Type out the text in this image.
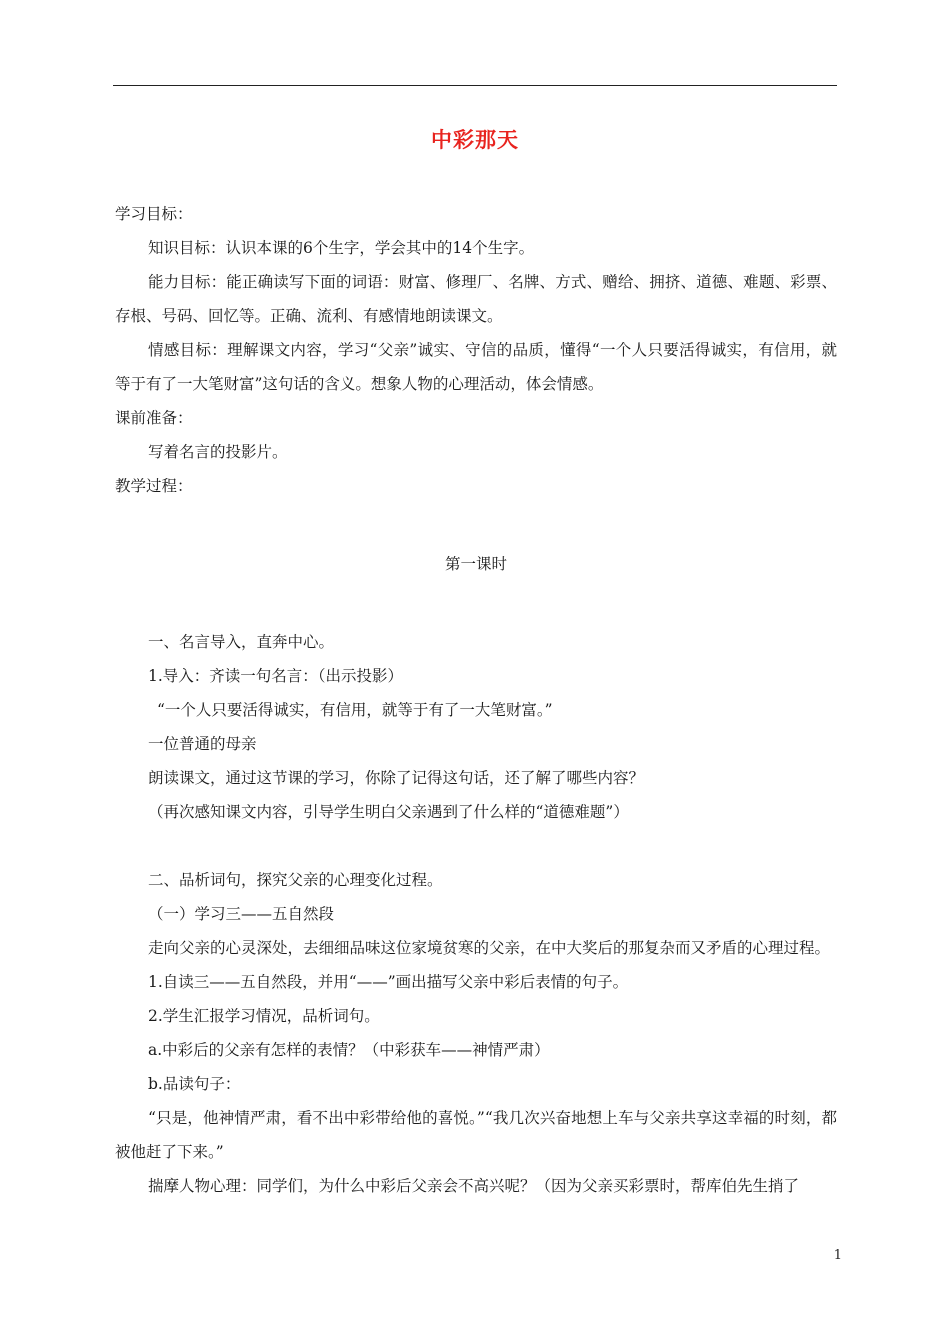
中彩那天

学习目标：

知识目标：认识本课的6个生字，学会其中的14个生字。

能力目标：能正确读写下面的词语：财富、修理厂、名牌、方式、赠给、拥挤、道德、难题、彩票、存根、号码、回忆等。正确、流利、有感情地朗读课文。

情感目标：理解课文内容，学习“父亲”诚实、守信的品质，懂得“一个人只要活得诚实，有信用，就等于有了一大笔财富”这句话的含义。想象人物的心理活动，体会情感。

课前准备：

写着名言的投影片。

教学过程：

第一课时

一、名言导入，直奔中心。

1.导入：齐读一句名言：（出示投影）

“一个人只要活得诚实，有信用，就等于有了一大笔财富。”

一位普通的母亲

朗读课文，通过这节课的学习，你除了记得这句话，还了解了哪些内容？

（再次感知课文内容，引导学生明白父亲遇到了什么样的“道德难题”）

二、品析词句，探究父亲的心理变化过程。

（一）学习三——五自然段

走向父亲的心灵深处，去细细品味这位家境贫寒的父亲，在中大奖后的那复杂而又矛盾的心理过程。

1.自读三——五自然段，并用“——”画出描写父亲中彩后表情的句子。

2.学生汇报学习情况，品析词句。

a.中彩后的父亲有怎样的表情？（中彩获车——神情严肃）

b.品读句子：

“只是，他神情严肃，看不出中彩带给他的喜悦。”“我几次兴奋地想上车与父亲共享这幸福的时刻，都被他赶了下来。”

揣摩人物心理：同学们，为什么中彩后父亲会不高兴呢？（因为父亲买彩票时，帮库伯先生捎了

1
